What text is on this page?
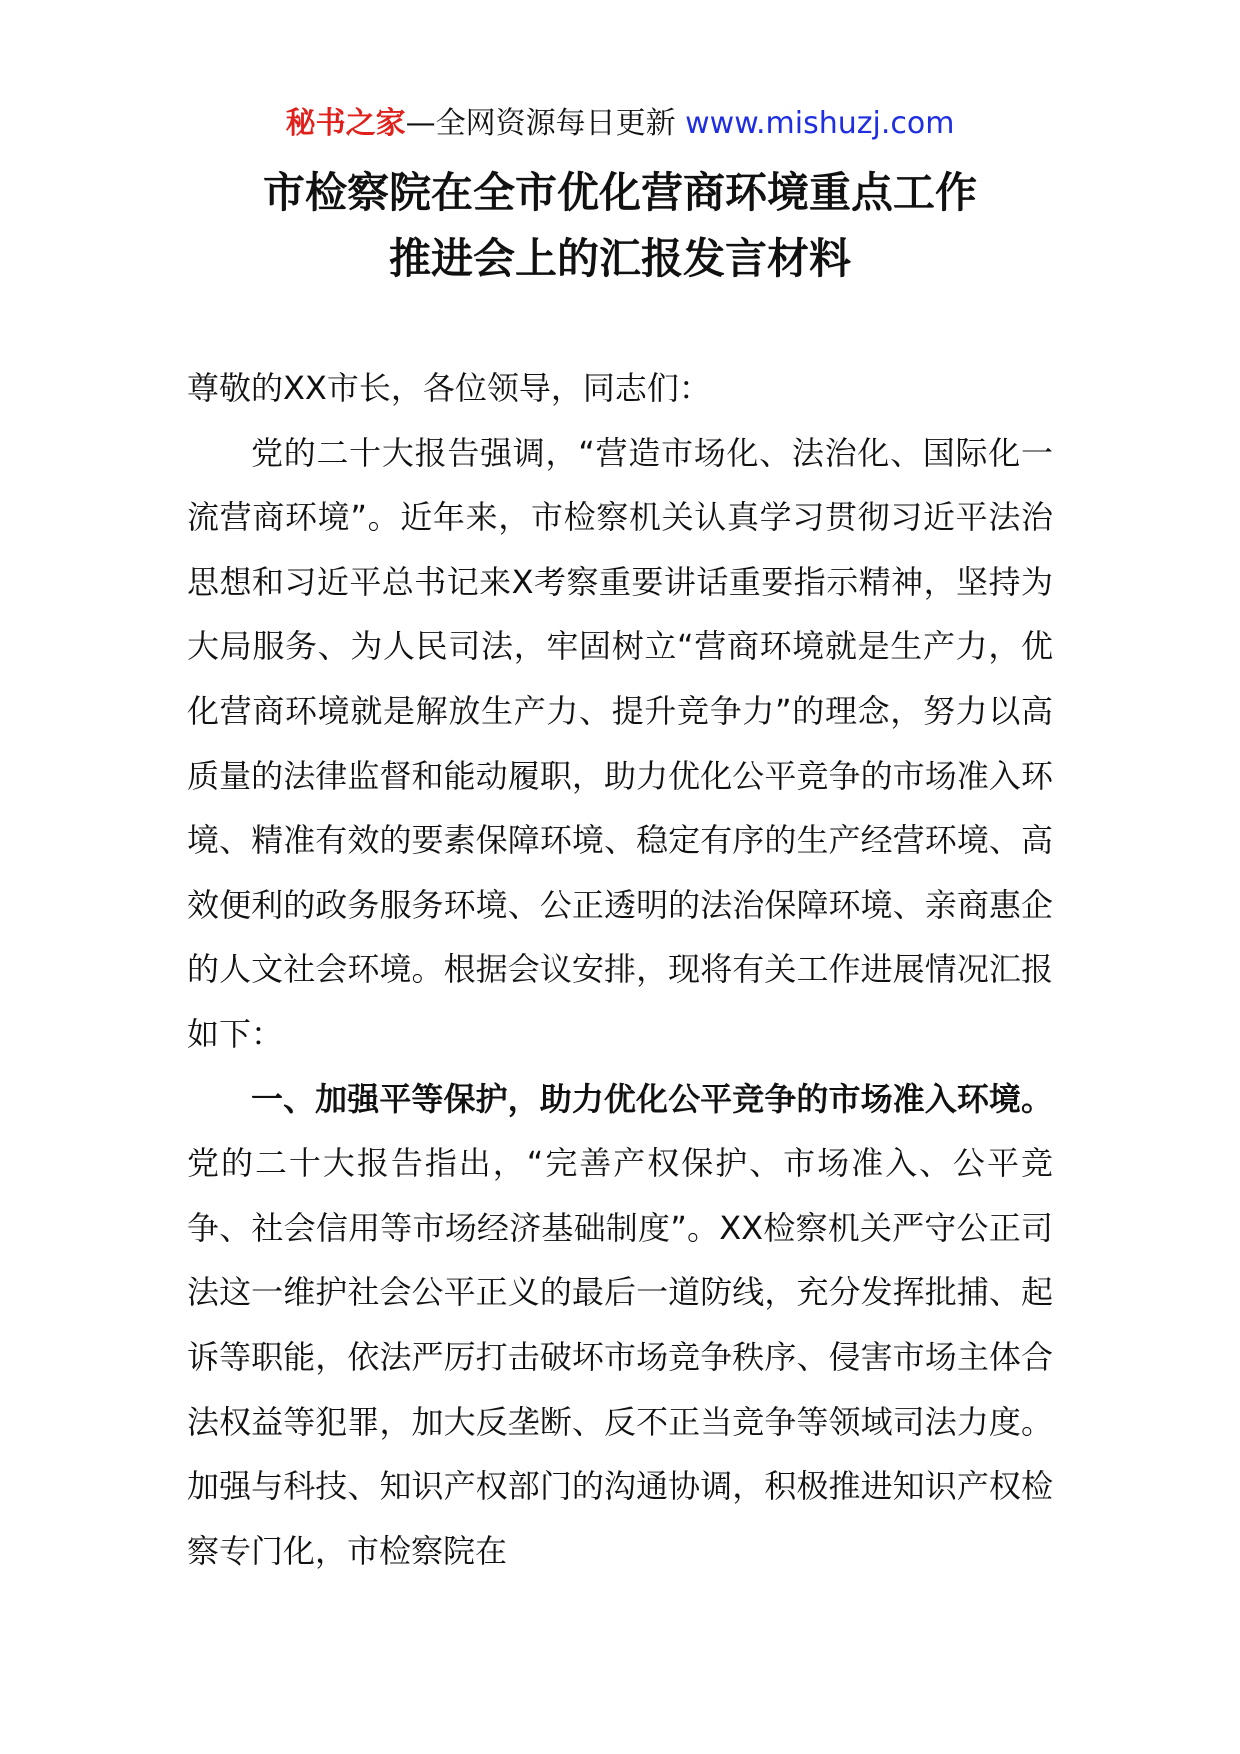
秘书之家—全网资源每日更新 www.mishuzj.com
市检察院在全市优化营商环境重点工作
推进会上的汇报发言材料

尊敬的XX市长，各位领导，同志们：

党的二十大报告强调，“营造市场化、法治化、国际化一流营商环境”。近年来，市检察机关认真学习贯彻习近平法治思想和习近平总书记来X考察重要讲话重要指示精神，坚持为大局服务、为人民司法，牢固树立“营商环境就是生产力，优化营商环境就是解放生产力、提升竞争力”的理念，努力以高质量的法律监督和能动履职，助力优化公平竞争的市场准入环境、精准有效的要素保障环境、稳定有序的生产经营环境、高效便利的政务服务环境、公正透明的法治保障环境、亲商惠企的人文社会环境。根据会议安排，现将有关工作进展情况汇报如下：

一、加强平等保护，助力优化公平竞争的市场准入环境。党的二十大报告指出，“完善产权保护、市场准入、公平竞争、社会信用等市场经济基础制度”。XX检察机关严守公正司法这一维护社会公平正义的最后一道防线，充分发挥批捕、起诉等职能，依法严厉打击破坏市场竞争秩序、侵害市场主体合法权益等犯罪，加大反垄断、反不正当竞争等领域司法力度。加强与科技、知识产权部门的沟通协调，积极推进知识产权检察专门化，市检察院在
